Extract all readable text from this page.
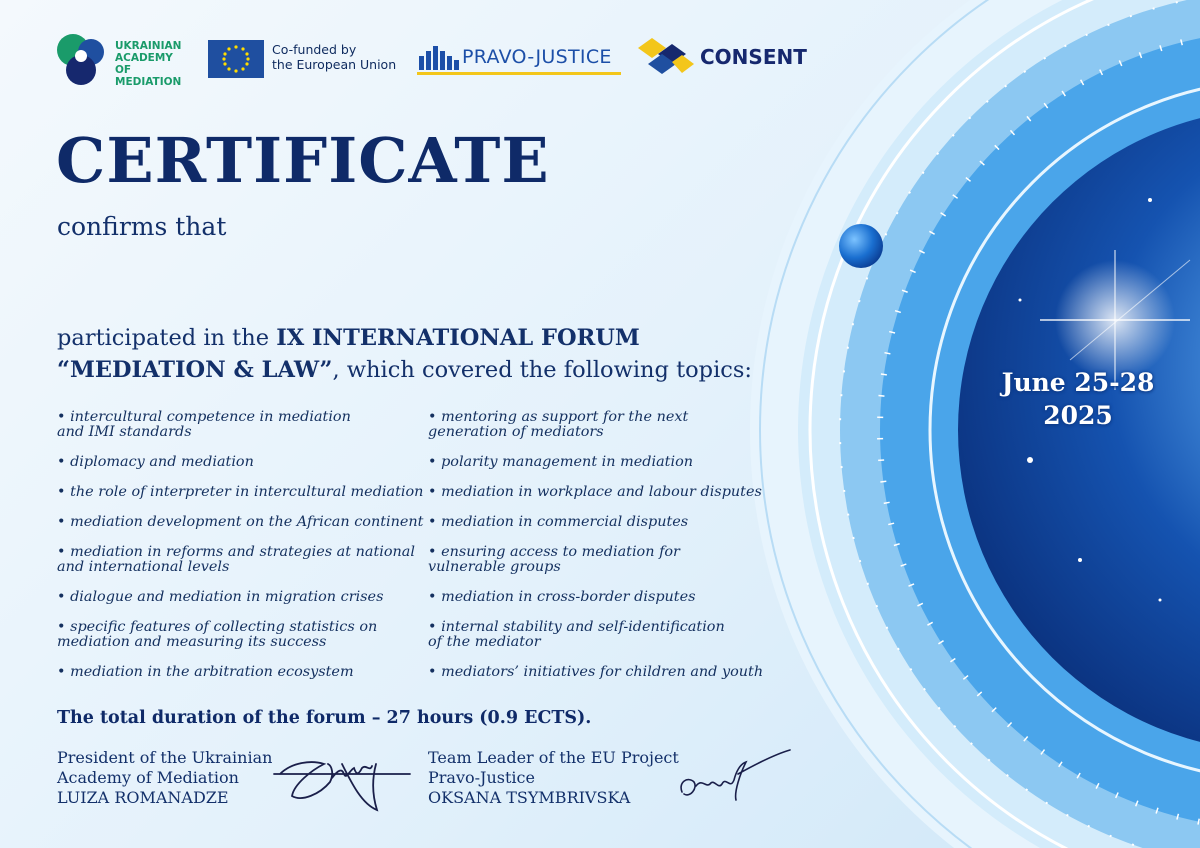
UKRAINIAN
ACADEMY
OF MEDIATION
Co-funded by
the European Union	PRAVO-JUSTICE	CONSENT
CERTIFICATE

confirms that

participated in the IX INTERNATIONAL FORUM
“MEDIATION & LAW”, which covered the following topics:

• intercultural competence in mediation
and IMI standards
• diplomacy and mediation
• the role of interpreter in intercultural mediation
• mediation development on the African continent
• mediation in reforms and strategies at national
and international levels
• dialogue and mediation in migration crises
• specific features of collecting statistics on
mediation and measuring its success
• mediation in the arbitration ecosystem
• mentoring as support for the next
generation of mediators
• polarity management in mediation
• mediation in workplace and labour disputes
• mediation in commercial disputes
• ensuring access to mediation for
vulnerable groups
• mediation in cross-border disputes
• internal stability and self-identification
of the mediator
• mediators’ initiatives for children and youth

The total duration of the forum – 27 hours (0.9 ECTS).

President of the Ukrainian
Academy of Mediation
LUIZA ROMANADZE
Team Leader of the EU Project
Pravo-Justice
OKSANA TSYMBRIVSKA
June 25-28
2025
